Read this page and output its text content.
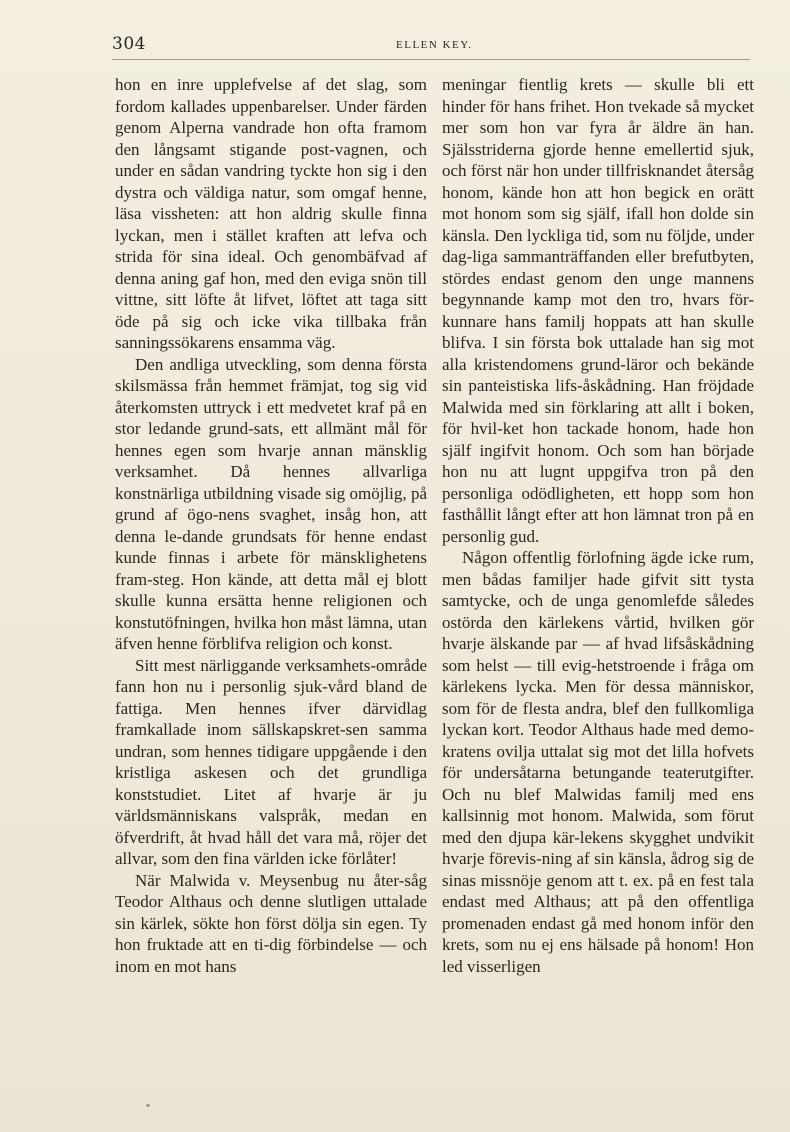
304	ELLEN KEY.

hon en inre upplefvelse af det slag, som fordom kallades uppenbarelser. Under färden genom Alperna vandrade hon ofta framom den långsamt stigande post-vagnen, och under en sådan vandring tyckte hon sig i den dystra och väldiga natur, som omgaf henne, läsa vissheten: att hon aldrig skulle finna lyckan, men i stället kraften att lefva och strida för sina ideal. Och genombäfvad af denna aning gaf hon, med den eviga snön till vittne, sitt löfte åt lifvet, löftet att taga sitt öde på sig och icke vika tillbaka från sanningssökarens ensamma väg.

Den andliga utveckling, som denna första skilsmässa från hemmet främjat, tog sig vid återkomsten uttryck i ett medvetet kraf på en stor ledande grund-sats, ett allmänt mål för hennes egen som hvarje annan mänsklig verksamhet. Då hennes allvarliga konstnärliga utbildning visade sig omöjlig, på grund af ögo-nens svaghet, insåg hon, att denna le-dande grundsats för henne endast kunde finnas i arbete för mänsklighetens fram-steg. Hon kände, att detta mål ej blott skulle kunna ersätta henne religionen och konstutöfningen, hvilka hon måst lämna, utan äfven henne förblifva religion och konst.

Sitt mest närliggande verksamhets-område fann hon nu i personlig sjuk-vård bland de fattiga. Men hennes ifver därvidlag framkallade inom sällskapskret-sen samma undran, som hennes tidigare uppgående i den kristliga askesen och det grundliga konststudiet. Litet af hvarje är ju världsmänniskans valspråk, medan en öfverdrift, åt hvad håll det vara må, röjer det allvar, som den fina världen icke förlåter!

När Malwida v. Meysenbug nu åter-såg Teodor Althaus och denne slutligen uttalade sin kärlek, sökte hon först dölja sin egen. Ty hon fruktade att en ti-dig förbindelse — och inom en mot hans

meningar fientlig krets — skulle bli ett hinder för hans frihet. Hon tvekade så mycket mer som hon var fyra år äldre än han. Själsstriderna gjorde henne emellertid sjuk, och först när hon under tillfrisknandet återsåg honom, kände hon att hon begick en orätt mot honom som sig själf, ifall hon dolde sin känsla. Den lyckliga tid, som nu följde, under dag-liga sammanträffanden eller brefutbyten, stördes endast genom den unge mannens begynnande kamp mot den tro, hvars för-kunnare hans familj hoppats att han skulle blifva. I sin första bok uttalade han sig mot alla kristendomens grund-läror och bekände sin panteistiska lifs-åskådning. Han fröjdade Malwida med sin förklaring att allt i boken, för hvil-ket hon tackade honom, hade hon själf ingifvit honom. Och som han började hon nu att lugnt uppgifva tron på den personliga odödligheten, ett hopp som hon fasthållit långt efter att hon lämnat tron på en personlig gud.

Någon offentlig förlofning ägde icke rum, men bådas familjer hade gifvit sitt tysta samtycke, och de unga genomlefde således ostörda den kärlekens vårtid, hvilken gör hvarje älskande par — af hvad lifsåskådning som helst — till evig-hetstroende i fråga om kärlekens lycka. Men för dessa människor, som för de flesta andra, blef den fullkomliga lyckan kort. Teodor Althaus hade med demo-kratens ovilja uttalat sig mot det lilla hofvets för undersåtarna betungande teaterutgifter. Och nu blef Malwidas familj med ens kallsinnig mot honom. Malwida, som förut med den djupa kär-lekens skygghet undvikit hvarje förevis-ning af sin känsla, ådrog sig de sinas missnöje genom att t. ex. på en fest tala endast med Althaus; att på den offentliga promenaden endast gå med honom inför den krets, som nu ej ens hälsade på honom! Hon led visserligen
